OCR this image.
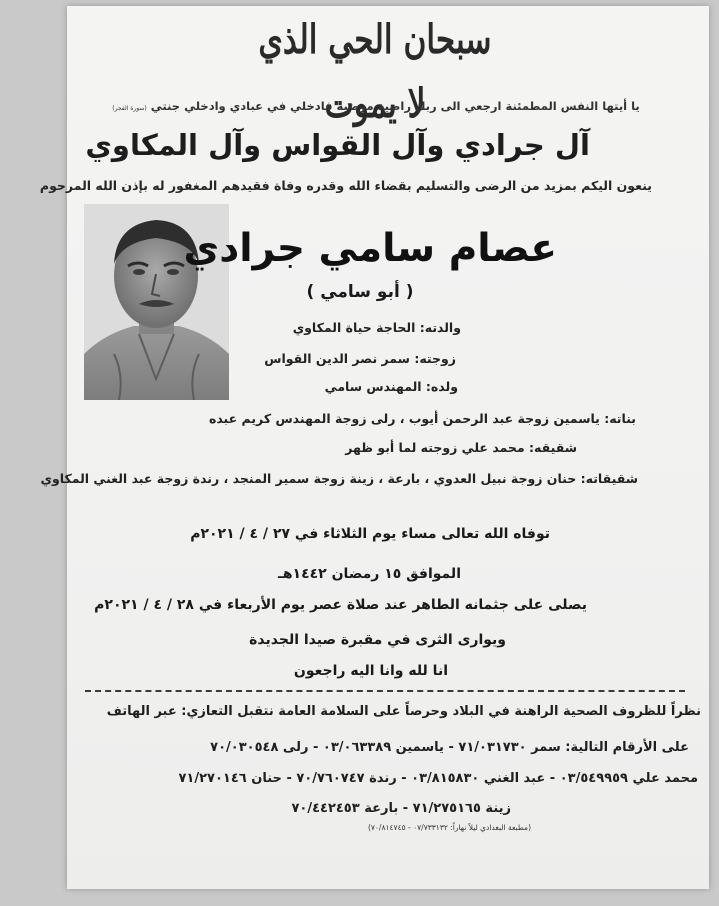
سبحان الحي الذي لا يموت
يا أيتها النفس المطمئنة ارجعي الى ربك راضية مرضية فادخلي في عبادي وادخلي جنتي (سورة الفجر)
آل جرادي وآل القواس وآل المكاوي
ينعون اليكم بمزيد من الرضى والتسليم بقضاء الله وقدره وفاة فقيدهم المغفور له بإذن الله المرحوم
عصام سامي جرادي
( أبو سامي )
والدته: الحاجة حياة المكاوي
زوجته: سمر نصر الدين القواس
ولده: المهندس سامي
بناته: ياسمين زوجة عبد الرحمن أيوب ، رلى زوجة المهندس كريم عبده
شقيقه: محمد علي زوجته لما أبو ظهر
شقيقاته: حنان زوجة نبيل العدوي ، بارعة ، زينة زوجة سمير المنجد ، رندة زوجة عبد الغني المكاوي
توفاه الله تعالى مساء يوم الثلاثاء في ٢٧ / ٤ / ٢٠٢١م
الموافق ١٥ رمضان ١٤٤٢هـ
يصلى على جثمانه الطاهر عند صلاة عصر يوم الأربعاء في ٢٨ / ٤ / ٢٠٢١م
ويوارى الثرى في مقبرة صيدا الجديدة
انا لله وانا اليه راجعون
نظراً للظروف الصحية الراهنة في البلاد وحرصاً على السلامة العامة نتقبل التعازي: عبر الهاتف
على الأرقام التالية: سمر ٧١/٠٣١٧٣٠ - ياسمين ٠٣/٠٦٣٣٨٩ - رلى ٧٠/٠٣٠٥٤٨
محمد علي ٠٣/٥٤٩٩٥٩ - عبد الغني ٠٣/٨١٥٨٣٠ - رندة ٧٠/٧٦٠٧٤٧ - حنان ٧١/٢٧٠١٤٦
زينة ٧١/٢٧٥١٦٥ - بارعة ٧٠/٤٤٢٤٥٣
(مطبعة البغدادي ليلاً نهاراً: ٠٧/٧٣٣١٣٢ - ٧٠/٨١٤٧٤٥)
